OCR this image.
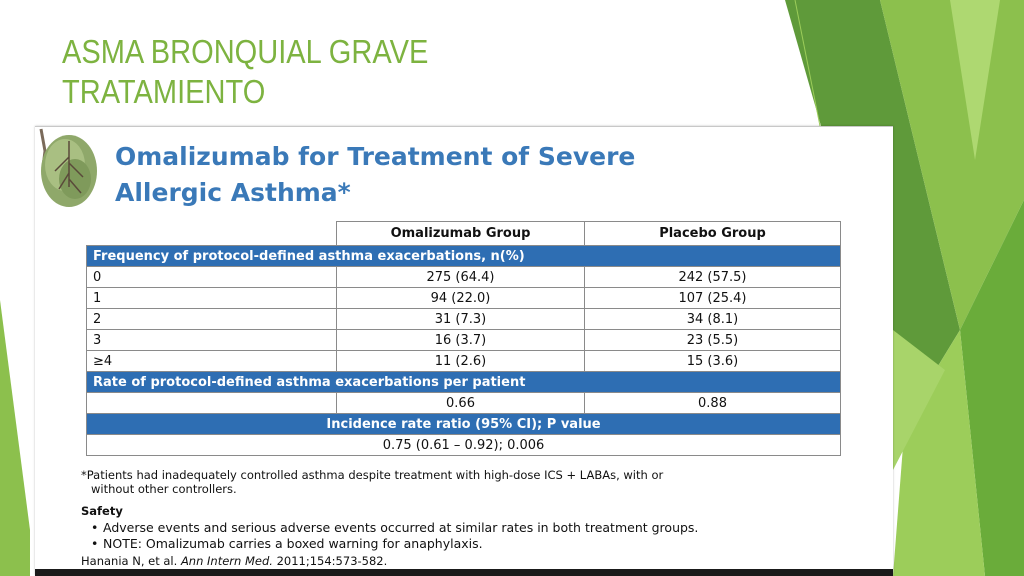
ASMA BRONQUIAL GRAVE
TRATAMIENTO
Omalizumab for Treatment of Severe
Allergic Asthma*
	Omalizumab Group	Placebo Group
Frequency of protocol-defined asthma exacerbations, n(%)		
0	275 (64.4)	242 (57.5)
1	94 (22.0)	107 (25.4)
2	31 (7.3)	34 (8.1)
3	16 (3.7)	23 (5.5)
≥4	11 (2.6)	15 (3.6)
Rate of protocol-defined asthma exacerbations per patient		
	0.66	0.88
Incidence rate ratio (95% CI); P value		
0.75 (0.61 – 0.92); 0.006		

*Patients had inadequately controlled asthma despite treatment with high-dose ICS + LABAs, with or

without other controllers.

Safety

• Adverse events and serious adverse events occurred at similar rates in both treatment groups.
• NOTE: Omalizumab carries a boxed warning for anaphylaxis.

Hanania N, et al. Ann Intern Med. 2011;154:573-582.
